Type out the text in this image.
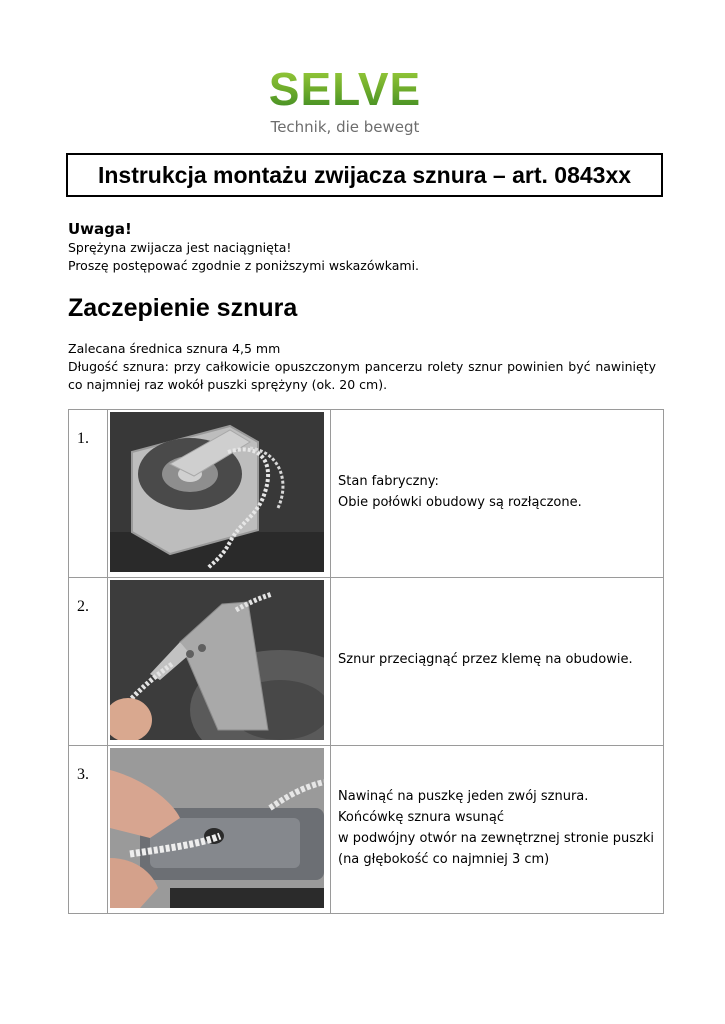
SELVE
Technik, die bewegt
Instrukcja montażu zwijacza sznura – art. 0843xx
Uwaga!
Sprężyna zwijacza jest naciągnięta!
Proszę postępować zgodnie z poniższymi wskazówkami.
Zaczepienie sznura

Zalecana średnica sznura 4,5 mm

Długość sznura: przy całkowicie opuszczonym pancerzu rolety sznur powinien być nawinięty co najmniej raz wokół puszki sprężyny (ok. 20 cm).

1.		Stan fabryczny:
Obie połówki obudowy są rozłączone.

2.		Sznur przeciągnąć przez klemę na obudowie.

3.		Nawinąć na puszkę jeden zwój sznura.
Końcówkę sznura wsunąć
w podwójny otwór na zewnętrznej stronie puszki
(na głębokość co najmniej 3 cm)
